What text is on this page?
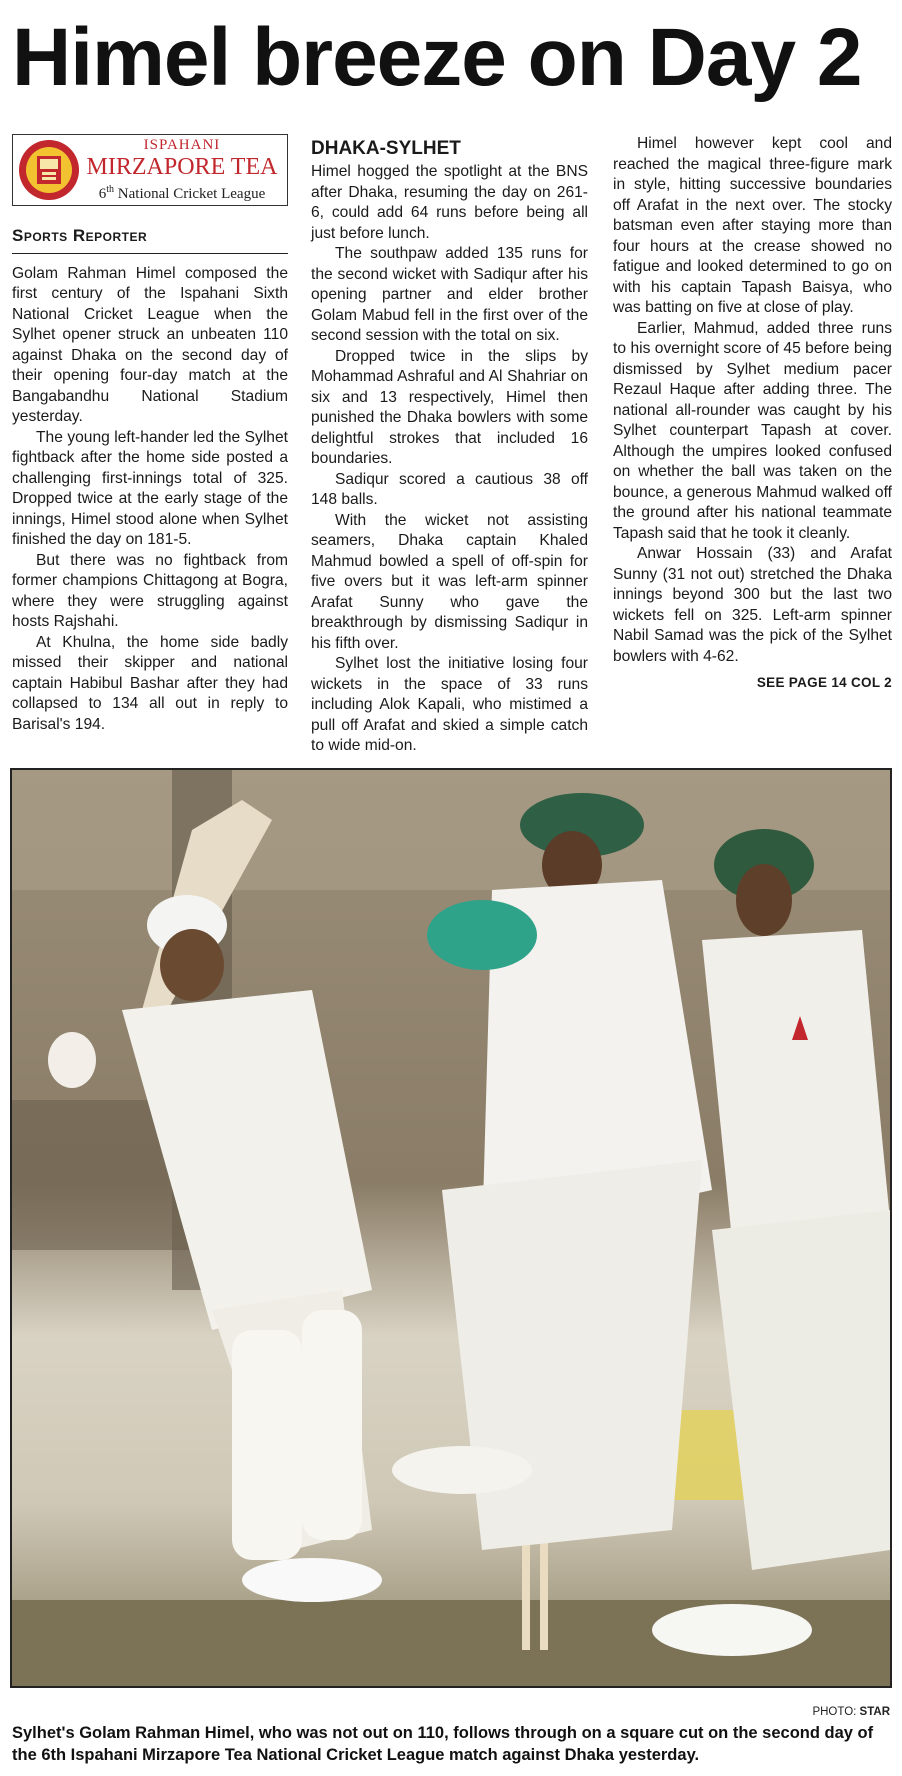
Himel breeze on Day 2
ISPAHANI
MIRZAPORE TEA
6th National Cricket League
Sports Reporter

Golam Rahman Himel composed the first century of the Ispahani Sixth National Cricket League when the Sylhet opener struck an unbeaten 110 against Dhaka on the second day of their opening four-day match at the Bangabandhu National Stadium yesterday.

The young left-hander led the Sylhet fightback after the home side posted a challenging first-innings total of 325. Dropped twice at the early stage of the innings, Himel stood alone when Sylhet finished the day on 181-5.

But there was no fightback from former champions Chittagong at Bogra, where they were struggling against hosts Rajshahi.

At Khulna, the home side badly missed their skipper and national captain Habibul Bashar after they had collapsed to 134 all out in reply to Barisal's 194.

DHAKA-SYLHET

Himel hogged the spotlight at the BNS after Dhaka, resuming the day on 261-6, could add 64 runs before being all just before lunch.

The southpaw added 135 runs for the second wicket with Sadiqur after his opening partner and elder brother Golam Mabud fell in the first over of the second session with the total on six.

Dropped twice in the slips by Mohammad Ashraful and Al Shahriar on six and 13 respectively, Himel then punished the Dhaka bowlers with some delightful strokes that included 16 boundaries.

Sadiqur scored a cautious 38 off 148 balls.

With the wicket not assisting seamers, Dhaka captain Khaled Mahmud bowled a spell of off-spin for five overs but it was left-arm spinner Arafat Sunny who gave the breakthrough by dismissing Sadiqur in his fifth over.

Sylhet lost the initiative losing four wickets in the space of 33 runs including Alok Kapali, who mistimed a pull off Arafat and skied a simple catch to wide mid-on.

Himel however kept cool and reached the magical three-figure mark in style, hitting successive boundaries off Arafat in the next over. The stocky batsman even after staying more than four hours at the crease showed no fatigue and looked determined to go on with his captain Tapash Baisya, who was batting on five at close of play.

Earlier, Mahmud, added three runs to his overnight score of 45 before being dismissed by Sylhet medium pacer Rezaul Haque after adding three. The national all-rounder was caught by his Sylhet counterpart Tapash at cover. Although the umpires looked confused on whether the ball was taken on the bounce, a generous Mahmud walked off the ground after his national teammate Tapash said that he took it cleanly.

Anwar Hossain (33) and Arafat Sunny (31 not out) stretched the Dhaka innings beyond 300 but the last two wickets fell on 325. Left-arm spinner Nabil Samad was the pick of the Sylhet bowlers with 4-62.

SEE PAGE 14 COL 2
PHOTO: STAR
Sylhet's Golam Rahman Himel, who was not out on 110, follows through on a square cut on the second day of the 6th Ispahani Mirzapore Tea National Cricket League match against Dhaka yesterday.
